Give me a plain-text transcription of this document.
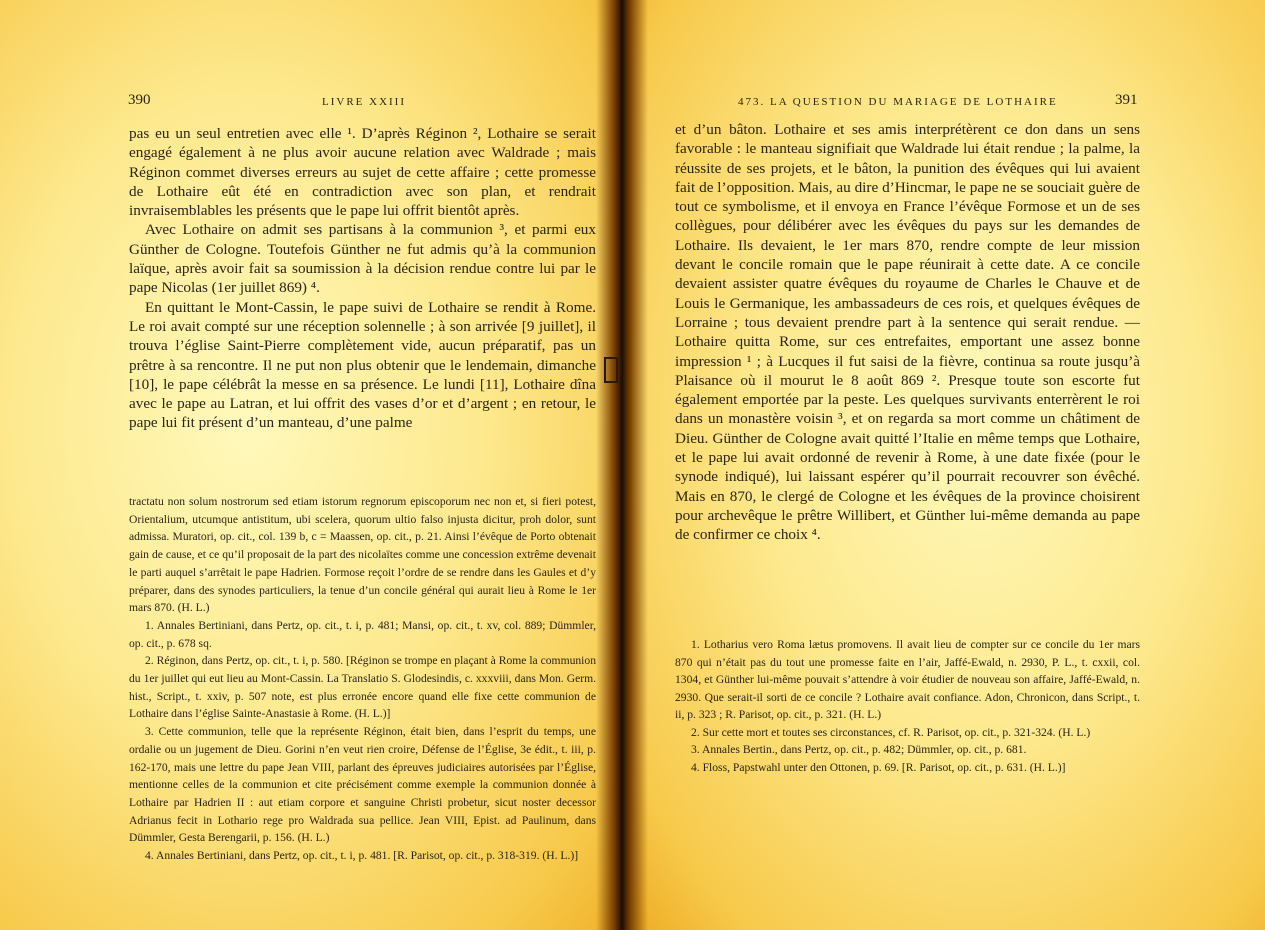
390	LIVRE XXIII

pas eu un seul entretien avec elle ¹. D’après Réginon ², Lothaire se serait engagé également à ne plus avoir aucune relation avec Waldrade ; mais Réginon commet diverses erreurs au sujet de cette affaire ; cette promesse de Lothaire eût été en contradiction avec son plan, et rendrait invraisemblables les présents que le pape lui offrit bientôt après.

Avec Lothaire on admit ses partisans à la communion ³, et parmi eux Günther de Cologne. Toutefois Günther ne fut admis qu’à la communion laïque, après avoir fait sa soumission à la décision rendue contre lui par le pape Nicolas (1er juillet 869) ⁴.

En quittant le Mont-Cassin, le pape suivi de Lothaire se rendit à Rome. Le roi avait compté sur une réception solennelle ; à son arrivée [9 juillet], il trouva l’église Saint-Pierre complètement vide, aucun préparatif, pas un prêtre à sa rencontre. Il ne put non plus obtenir que le lendemain, dimanche [10], le pape célébrât la messe en sa présence. Le lundi [11], Lothaire dîna avec le pape au Latran, et lui offrit des vases d’or et d’argent ; en retour, le pape lui fit présent d’un manteau, d’une palme

tractatu non solum nostrorum sed etiam istorum regnorum episcoporum nec non et, si fieri potest, Orientalium, utcumque antistitum, ubi scelera, quorum ultio falso injusta dicitur, proh dolor, sunt admissa. Muratori, op. cit., col. 139 b, c = Maassen, op. cit., p. 21. Ainsi l’évêque de Porto obtenait gain de cause, et ce qu’il proposait de la part des nicolaïtes comme une concession extrême devenait le parti auquel s’arrêtait le pape Hadrien. Formose reçoit l’ordre de se rendre dans les Gaules et d’y préparer, dans des synodes particuliers, la tenue d’un concile général qui aurait lieu à Rome le 1er mars 870. (H. L.)

1. Annales Bertiniani, dans Pertz, op. cit., t. i, p. 481; Mansi, op. cit., t. xv, col. 889; Dümmler, op. cit., p. 678 sq.

2. Réginon, dans Pertz, op. cit., t. i, p. 580. [Réginon se trompe en plaçant à Rome la communion du 1er juillet qui eut lieu au Mont-Cassin. La Translatio S. Glodesindis, c. xxxviii, dans Mon. Germ. hist., Script., t. xxiv, p. 507 note, est plus erronée encore quand elle fixe cette communion de Lothaire dans l’église Sainte-Anastasie à Rome. (H. L.)]

3. Cette communion, telle que la représente Réginon, était bien, dans l’esprit du temps, une ordalie ou un jugement de Dieu. Gorini n’en veut rien croire, Défense de l’Église, 3e édit., t. iii, p. 162-170, mais une lettre du pape Jean VIII, parlant des épreuves judiciaires autorisées par l’Église, mentionne celles de la communion et cite précisément comme exemple la communion donnée à Lothaire par Hadrien II : aut etiam corpore et sanguine Christi probetur, sicut noster decessor Adrianus fecit in Lothario rege pro Waldrada sua pellice. Jean VIII, Epist. ad Paulinum, dans Dümmler, Gesta Berengarii, p. 156. (H. L.)

4. Annales Bertiniani, dans Pertz, op. cit., t. i, p. 481. [R. Parisot, op. cit., p. 318-319. (H. L.)]

473. LA QUESTION DU MARIAGE DE LOTHAIRE	391

et d’un bâton. Lothaire et ses amis interprétèrent ce don dans un sens favorable : le manteau signifiait que Waldrade lui était rendue ; la palme, la réussite de ses projets, et le bâton, la punition des évêques qui lui avaient fait de l’opposition. Mais, au dire d’Hincmar, le pape ne se souciait guère de tout ce symbolisme, et il envoya en France l’évêque Formose et un de ses collègues, pour délibérer avec les évêques du pays sur les demandes de Lothaire. Ils devaient, le 1er mars 870, rendre compte de leur mission devant le concile romain que le pape réunirait à cette date. A ce concile devaient assister quatre évêques du royaume de Charles le Chauve et de Louis le Germanique, les ambassadeurs de ces rois, et quelques évêques de Lorraine ; tous devaient prendre part à la sentence qui serait rendue. — Lothaire quitta Rome, sur ces entrefaites, emportant une assez bonne impression ¹ ; à Lucques il fut saisi de la fièvre, continua sa route jusqu’à Plaisance où il mourut le 8 août 869 ². Presque toute son escorte fut également emportée par la peste. Les quelques survivants enterrèrent le roi dans un monastère voisin ³, et on regarda sa mort comme un châtiment de Dieu. Günther de Cologne avait quitté l’Italie en même temps que Lothaire, et le pape lui avait ordonné de revenir à Rome, à une date fixée (pour le synode indiqué), lui laissant espérer qu’il pourrait recouvrer son évêché. Mais en 870, le clergé de Cologne et les évêques de la province choisirent pour archevêque le prêtre Willibert, et Günther lui-même demanda au pape de confirmer ce choix ⁴.

1. Lotharius vero Roma lætus promovens. Il avait lieu de compter sur ce concile du 1er mars 870 qui n’était pas du tout une promesse faite en l’air, Jaffé-Ewald, n. 2930, P. L., t. cxxii, col. 1304, et Günther lui-même pouvait s’attendre à voir étudier de nouveau son affaire, Jaffé-Ewald, n. 2930. Que serait-il sorti de ce concile ? Lothaire avait confiance. Adon, Chronicon, dans Script., t. ii, p. 323 ; R. Parisot, op. cit., p. 321. (H. L.)

2. Sur cette mort et toutes ses circonstances, cf. R. Parisot, op. cit., p. 321-324. (H. L.)

3. Annales Bertin., dans Pertz, op. cit., p. 482; Dümmler, op. cit., p. 681.

4. Floss, Papstwahl unter den Ottonen, p. 69. [R. Parisot, op. cit., p. 631. (H. L.)]
